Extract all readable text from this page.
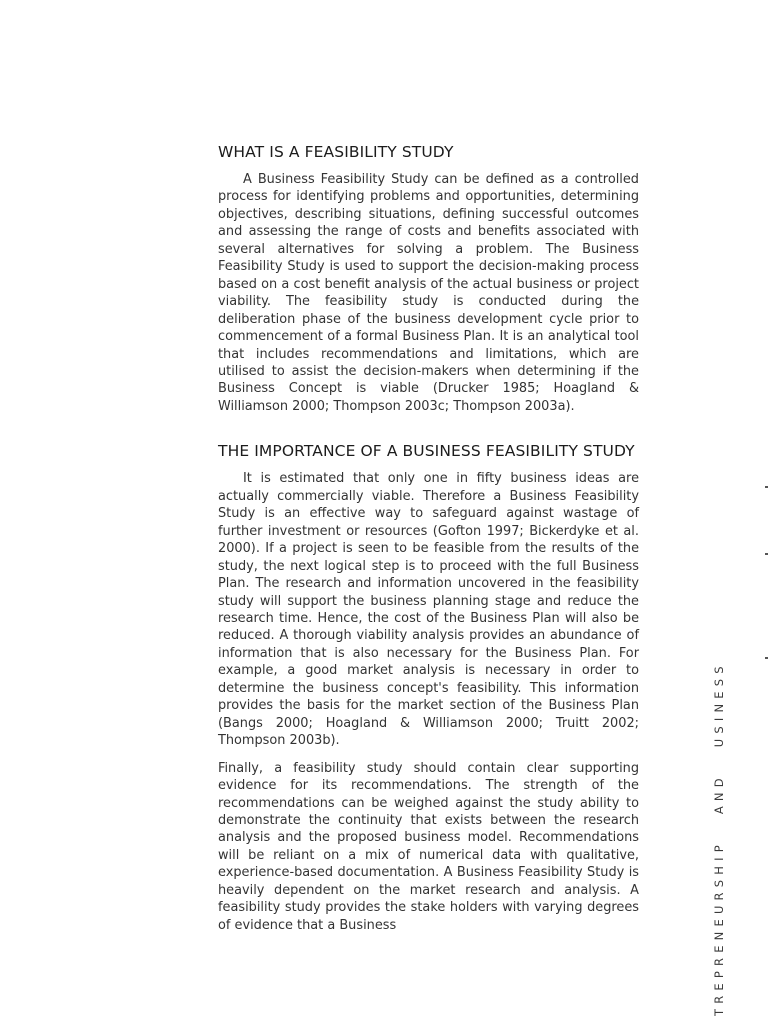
WHAT IS A FEASIBILITY STUDY

A Business Feasibility Study can be defined as a controlled process for identifying problems and opportunities, determining objectives, describing situations, defining successful outcomes and assessing the range of costs and benefits associated with several alternatives for solving a problem. The Business Feasibility Study is used to support the decision-making process based on a cost benefit analysis of the actual business or project viability. The feasibility study is conducted during the deliberation phase of the business development cycle prior to commencement of a formal Business Plan. It is an analytical tool that includes recommendations and limitations, which are utilised to assist the decision-makers when determining if the Business Concept is viable (Drucker 1985; Hoagland & Williamson 2000; Thompson 2003c; Thompson 2003a).

THE IMPORTANCE OF A BUSINESS FEASIBILITY STUDY

It is estimated that only one in fifty business ideas are actually commercially viable. Therefore a Business Feasibility Study is an effective way to safeguard against wastage of further investment or resources (Gofton 1997; Bickerdyke et al. 2000). If a project is seen to be feasible from the results of the study, the next logical step is to proceed with the full Business Plan. The research and information uncovered in the feasibility study will support the business planning stage and reduce the research time. Hence, the cost of the Business Plan will also be reduced. A thorough viability analysis provides an abundance of information that is also necessary for the Business Plan. For example, a good market analysis is necessary in order to determine the business concept's feasibility. This information provides the basis for the market section of the Business Plan (Bangs 2000; Hoagland & Williamson 2000; Truitt 2002; Thompson 2003b).

Finally, a feasibility study should contain clear supporting evidence for its recommendations. The strength of the recommendations can be weighed against the study ability to demonstrate the continuity that exists between the research analysis and the proposed business model. Recommendations will be reliant on a mix of numerical data with qualitative, experience-based documentation. A Business Feasibility Study is heavily dependent on the market research and analysis. A feasibility study provides the stake holders with varying degrees of evidence that a Business	TREPRENEURSHIPANDUSINESS
